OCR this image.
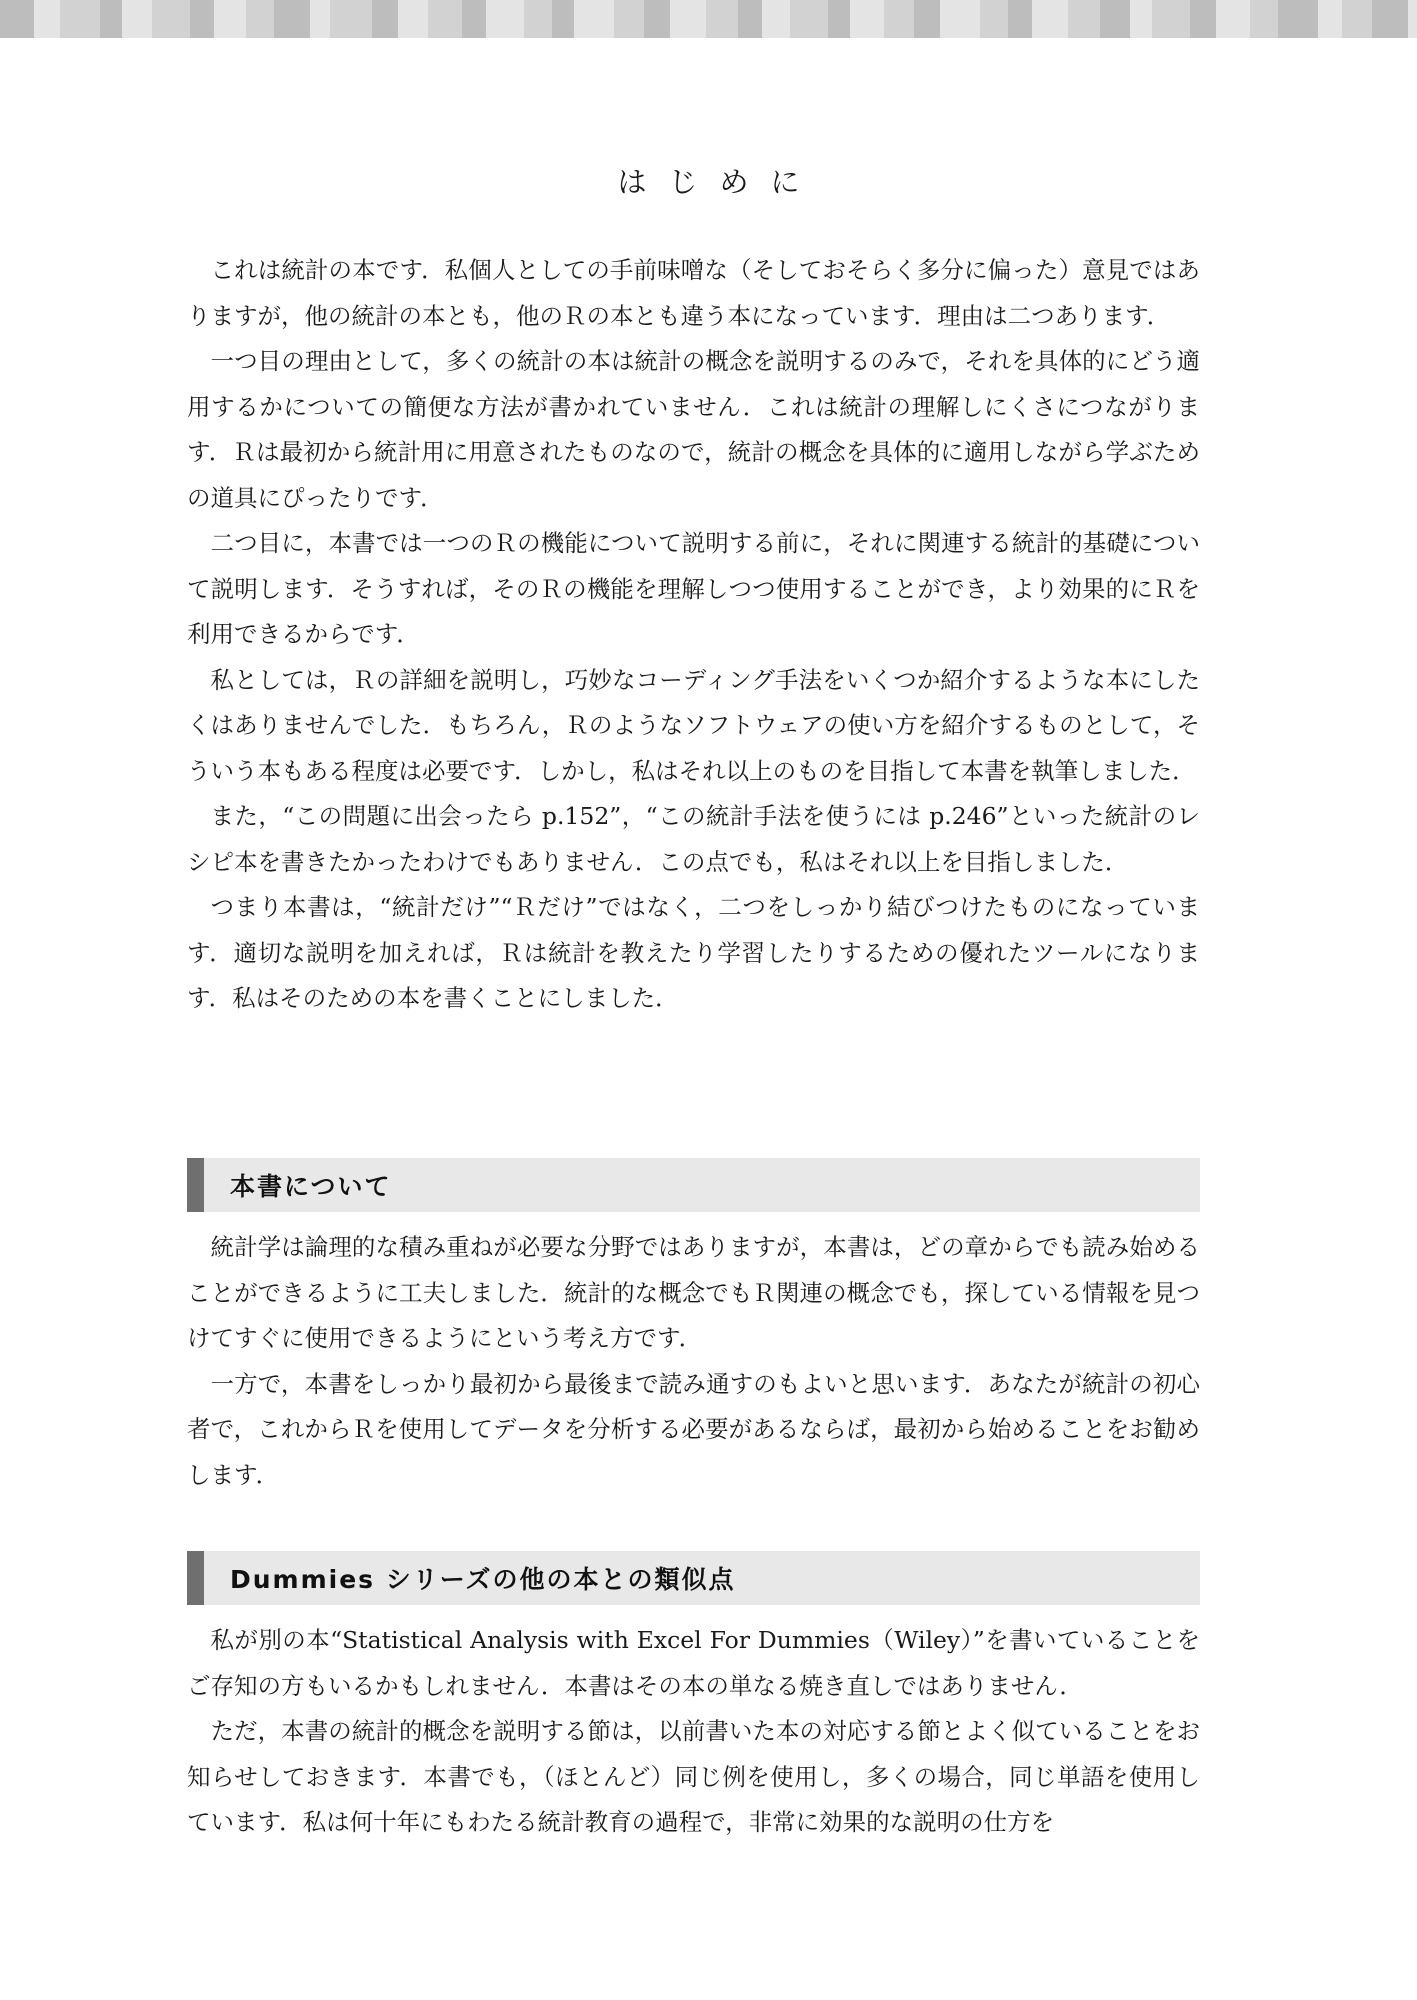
はじめに

これは統計の本です．私個人としての手前味噌な（そしておそらく多分に偏った）意見ではありますが，他の統計の本とも，他のＲの本とも違う本になっています．理由は二つあります．

一つ目の理由として，多くの統計の本は統計の概念を説明するのみで，それを具体的にどう適用するかについての簡便な方法が書かれていません．これは統計の理解しにくさにつながります．Ｒは最初から統計用に用意されたものなので，統計の概念を具体的に適用しながら学ぶための道具にぴったりです．

二つ目に，本書では一つのＲの機能について説明する前に，それに関連する統計的基礎について説明します．そうすれば，そのＲの機能を理解しつつ使用することができ，より効果的にＲを利用できるからです．

私としては，Ｒの詳細を説明し，巧妙なコーディング手法をいくつか紹介するような本にしたくはありませんでした．もちろん，Ｒのようなソフトウェアの使い方を紹介するものとして，そういう本もある程度は必要です．しかし，私はそれ以上のものを目指して本書を執筆しました．

また，“この問題に出会ったら p.152”，“この統計手法を使うには p.246”といった統計のレシピ本を書きたかったわけでもありません．この点でも，私はそれ以上を目指しました．

つまり本書は，“統計だけ”“Ｒだけ”ではなく，二つをしっかり結びつけたものになっています．適切な説明を加えれば，Ｒは統計を教えたり学習したりするための優れたツールになります．私はそのための本を書くことにしました．

本書について

統計学は論理的な積み重ねが必要な分野ではありますが，本書は，どの章からでも読み始めることができるように工夫しました．統計的な概念でもＲ関連の概念でも，探している情報を見つけてすぐに使用できるようにという考え方です．

一方で，本書をしっかり最初から最後まで読み通すのもよいと思います．あなたが統計の初心者で，これからＲを使用してデータを分析する必要があるならば，最初から始めることをお勧めします．

Dummies シリーズの他の本との類似点

私が別の本“Statistical Analysis with Excel For Dummies（Wiley）”を書いていることをご存知の方もいるかもしれません．本書はその本の単なる焼き直しではありません．

ただ，本書の統計的概念を説明する節は，以前書いた本の対応する節とよく似ていることをお知らせしておきます．本書でも，（ほとんど）同じ例を使用し，多くの場合，同じ単語を使用しています．私は何十年にもわたる統計教育の過程で，非常に効果的な説明の仕方を
